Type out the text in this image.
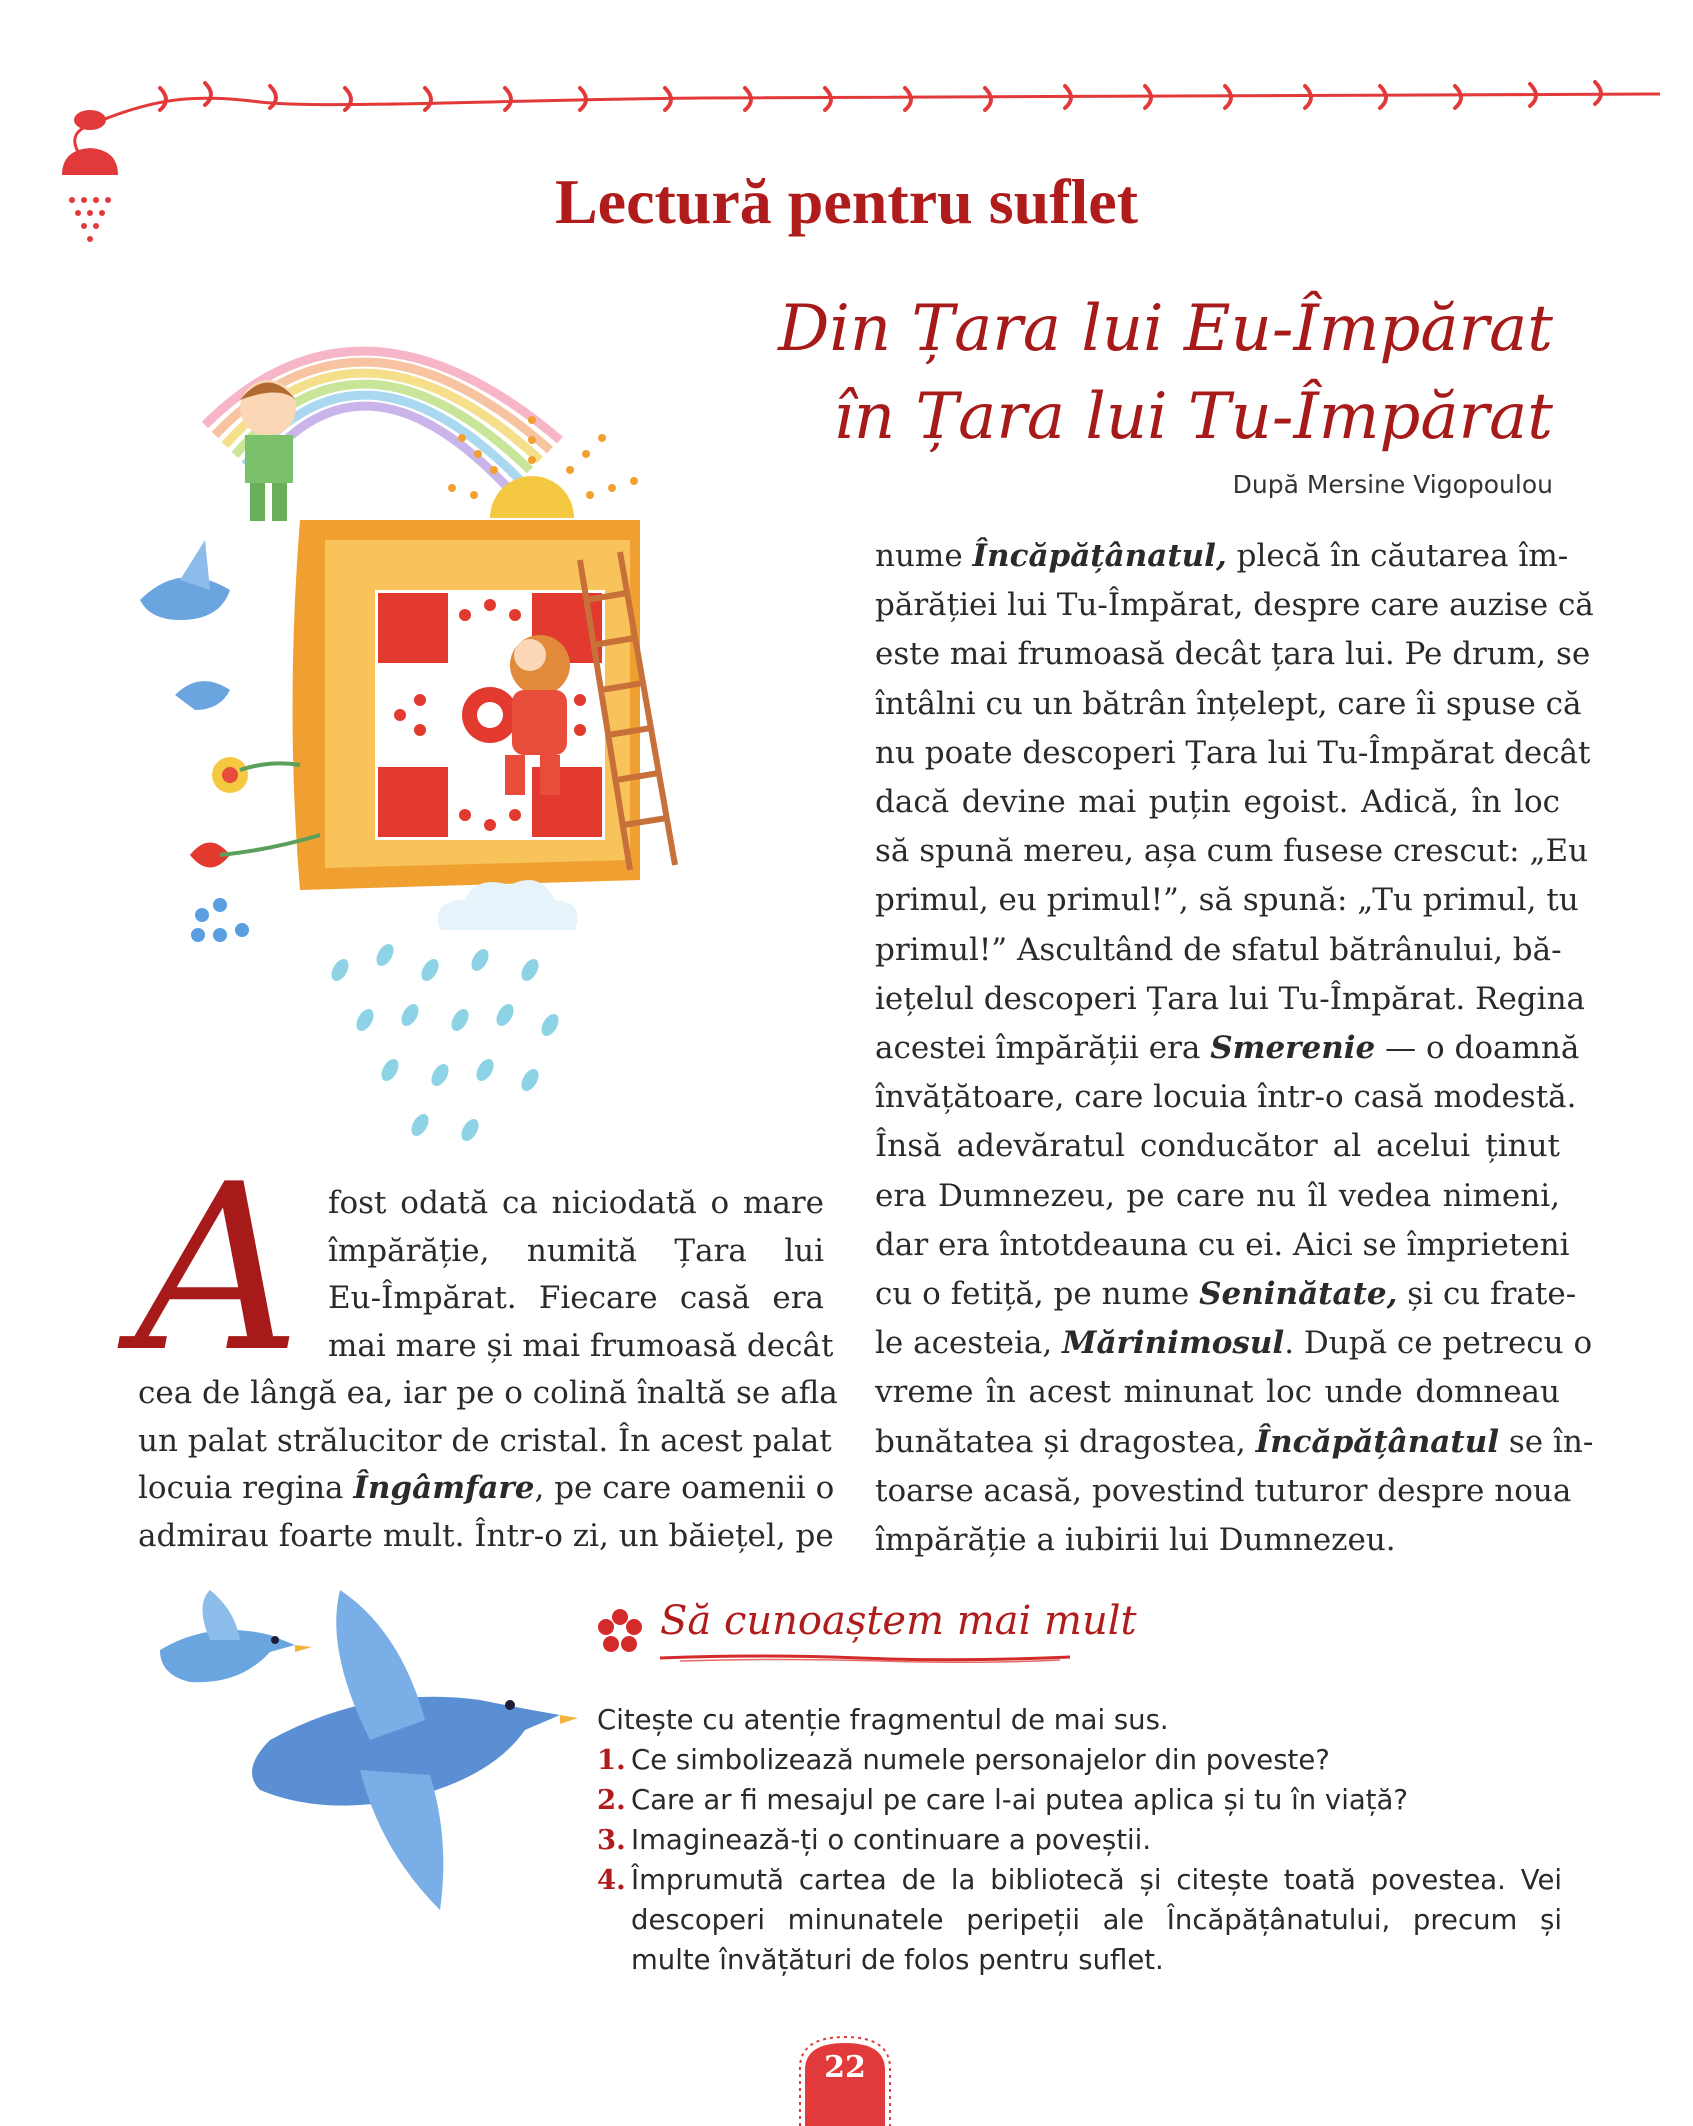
Lectură pentru suflet
Din Țara lui Eu-Împărat
în Țara lui Tu-Împărat
După Mersine Vigopoulou
A fost odată ca niciodată o mare
împărăție, numită Țara lui
Eu-Împărat. Fiecare casă era
mai mare și mai frumoasă decât
cea de lângă ea, iar pe o colină înaltă se afla
un palat strălucitor de cristal. În acest palat
locuia regina Îngâmfare, pe care oamenii o
admirau foarte mult. Într-o zi, un băiețel, pe
nume Încăpățânatul, plecă în căutarea îm-
părăției lui Tu-Împărat, despre care auzise că
este mai frumoasă decât țara lui. Pe drum, se
întâlni cu un bătrân înțelept, care îi spuse că
nu poate descoperi Țara lui Tu-Împărat decât
dacă devine mai puțin egoist. Adică, în loc
să spună mereu, așa cum fusese crescut: „Eu
primul, eu primul!”, să spună: „Tu primul, tu
primul!” Ascultând de sfatul bătrânului, bă-
iețelul descoperi Țara lui Tu-Împărat. Regina
acestei împărății era Smerenie — o doamnă
învățătoare, care locuia într-o casă modestă.
Însă adevăratul conducător al acelui ținut
era Dumnezeu, pe care nu îl vedea nimeni,
dar era întotdeauna cu ei. Aici se împrieteni
cu o fetiță, pe nume Seninătate, și cu frate-
le acesteia, Mărinimosul. După ce petrecu o
vreme în acest minunat loc unde domneau
bunătatea și dragostea, Încăpățânatul se în-
toarse acasă, povestind tuturor despre noua
împărăție a iubirii lui Dumnezeu.
Să cunoaștem mai mult
Citește cu atenție fragmentul de mai sus.
1. Ce simbolizează numele personajelor din poveste?
2. Care ar fi mesajul pe care l-ai putea aplica și tu în viață?
3. Imaginează-ți o continuare a poveștii.
4. Împrumută cartea de la bibliotecă și citește toată povestea. Vei descoperi minunatele peripeții ale Încăpățânatului, precum și multe învățături de folos pentru suflet.
22
